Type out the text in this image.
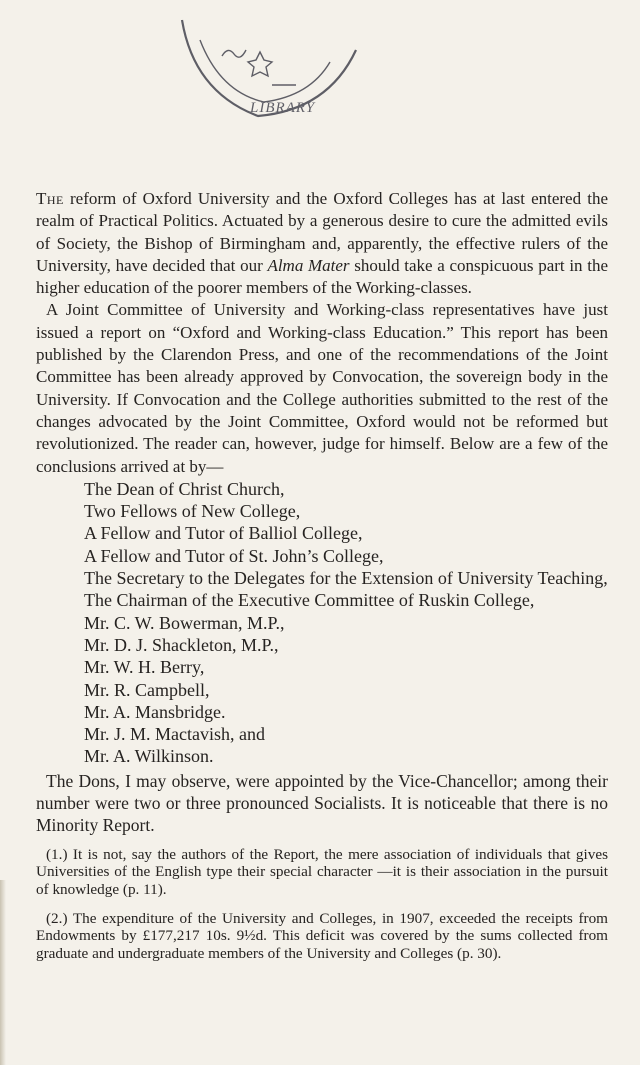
LIBRARY

The reform of Oxford University and the Oxford Colleges has at last entered the realm of Practical Politics. Actuated by a generous desire to cure the admitted evils of Society, the Bishop of Birmingham and, apparently, the effective rulers of the University, have decided that our Alma Mater should take a conspicuous part in the higher education of the poorer members of the Working-classes.

A Joint Committee of University and Working-class representatives have just issued a report on “Oxford and Working-class Education.” This report has been published by the Clarendon Press, and one of the recommendations of the Joint Committee has been already approved by Convocation, the sovereign body in the University. If Convocation and the College authorities submitted to the rest of the changes advocated by the Joint Committee, Oxford would not be reformed but revolutionized. The reader can, however, judge for himself. Below are a few of the conclusions arrived at by—

The Dean of Christ Church,
Two Fellows of New College,
A Fellow and Tutor of Balliol College,
A Fellow and Tutor of St. John’s College,
The Secretary to the Delegates for the Extension of University Teaching,
The Chairman of the Executive Committee of Ruskin College,
Mr. C. W. Bowerman, M.P.,
Mr. D. J. Shackleton, M.P.,
Mr. W. H. Berry,
Mr. R. Campbell,
Mr. A. Mansbridge.
Mr. J. M. Mactavish, and
Mr. A. Wilkinson.

The Dons, I may observe, were appointed by the Vice-Chancellor; among their number were two or three pronounced Socialists. It is noticeable that there is no Minority Report.

(1.) It is not, say the authors of the Report, the mere association of individuals that gives Universities of the English type their special character —it is their association in the pursuit of knowledge (p. 11).

(2.) The expenditure of the University and Colleges, in 1907, exceeded the receipts from Endowments by £177,217 10s. 9½d. This deficit was covered by the sums collected from graduate and undergraduate members of the University and Colleges (p. 30).
